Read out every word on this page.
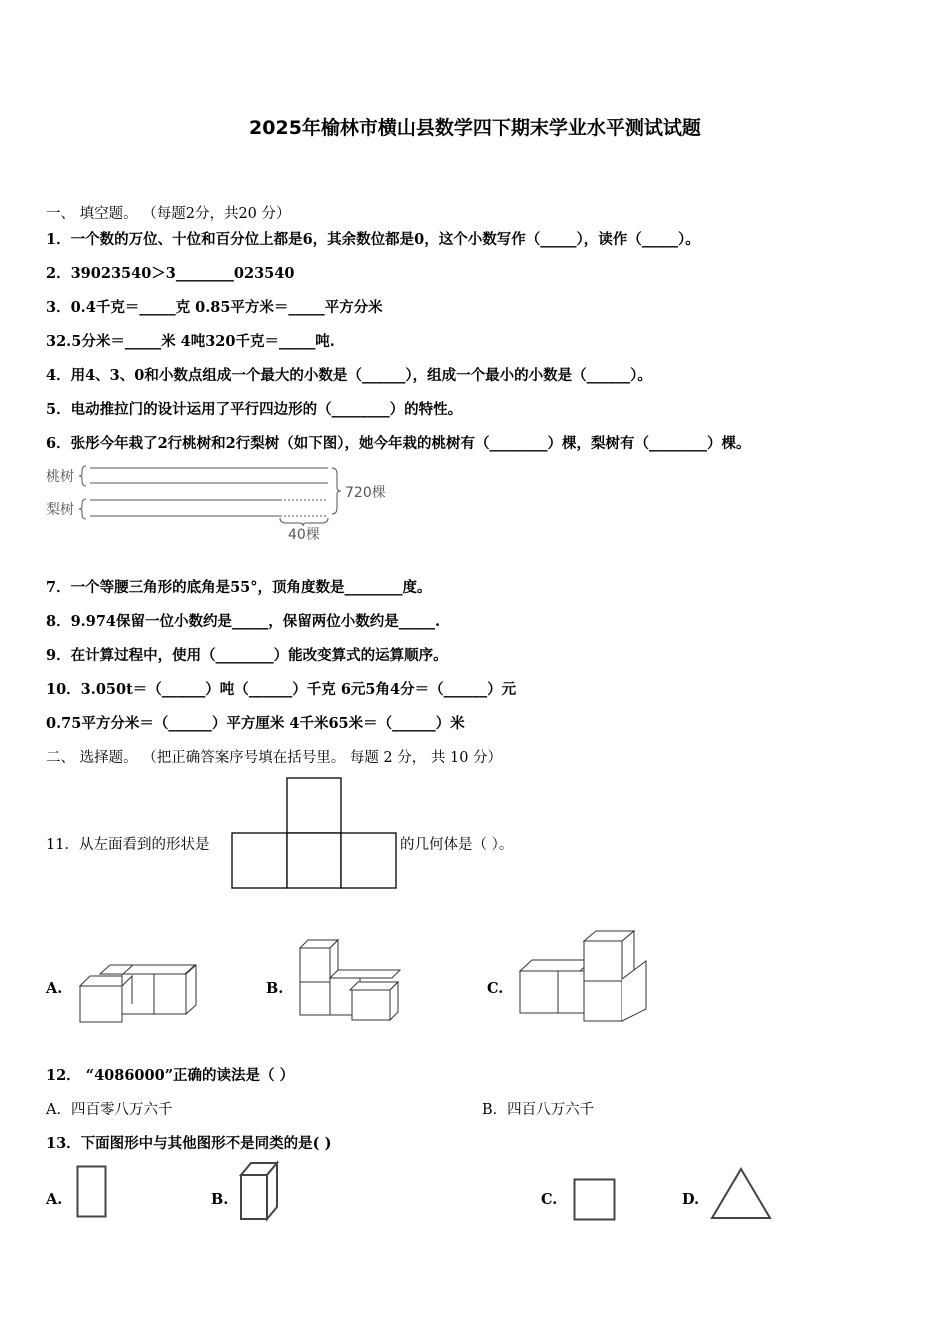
2025年榆林市横山县数学四下期末学业水平测试试题
一、 填空题。 （每题2分，共20 分）
1．一个数的万位、十位和百分位上都是6，其余数位都是0，这个小数写作（_____），读作（_____）。
2．39023540＞3________023540
3．0.4千克＝_____克 0.85平方米＝_____平方分米
32.5分米＝_____米 4吨320千克＝_____吨.
4．用4、3、0和小数点组成一个最大的小数是（______），组成一个最小的小数是（______）。
5．电动推拉门的设计运用了平行四边形的（________）的特性。
6．张彤今年栽了2行桃树和2行梨树（如下图），她今年栽的桃树有（________）棵，梨树有（________）棵。
桃树
梨树
720棵
40棵
7．一个等腰三角形的底角是55°，顶角度数是________度。
8．9.974保留一位小数约是_____，保留两位小数约是_____.
9．在计算过程中，使用（________）能改变算式的运算顺序。
10．3.050t＝（______）吨（______）千克 6元5角4分＝（______）元
0.75平方分米＝（______）平方厘米 4千米65米＝（______）米
二、 选择题。 （把正确答案序号填在括号里。 每题 2 分， 共 10 分）
11．从左面看到的形状是	的几何体是（ ）。
A.	B.	C.
12． “4086000”正确的读法是（ ）
A．四百零八万六千	B．四百八万六千
13．下面图形中与其他图形不是同类的是( )
A.	B.	C.	D.
